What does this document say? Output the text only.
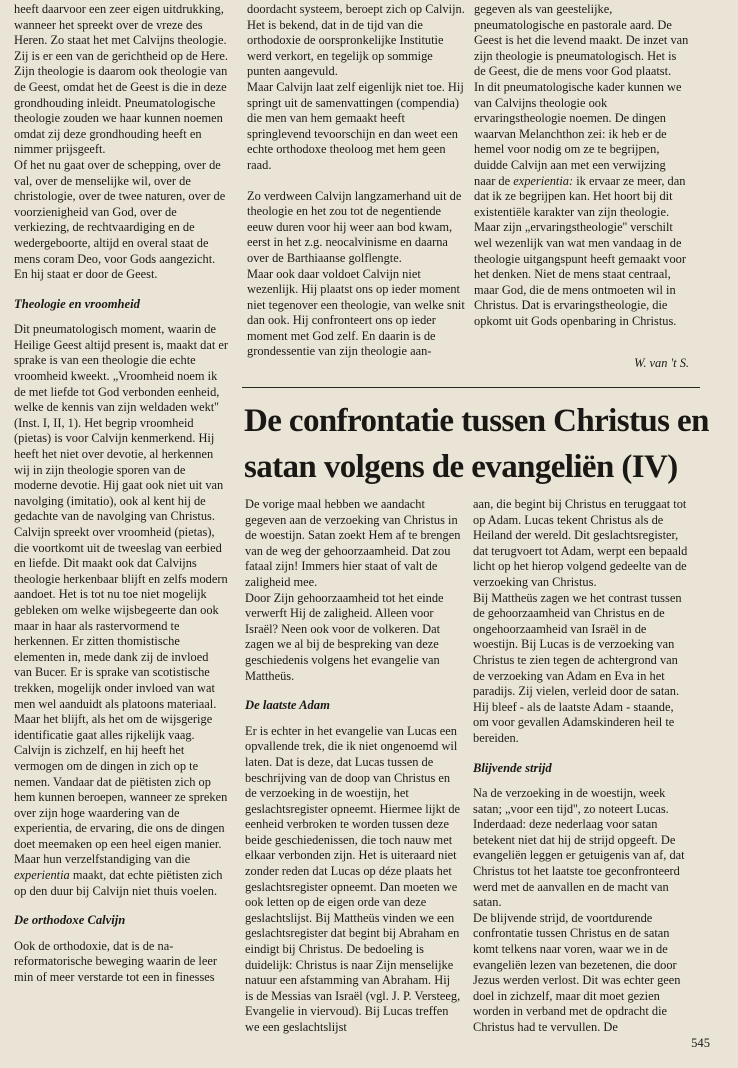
heeft daarvoor een zeer eigen uitdrukking, wanneer het spreekt over de vreze des Heren. Zo staat het met Calvijns theologie. Zij is er een van de gerichtheid op de Here. Zijn theologie is daarom ook theologie van de Geest, omdat het de Geest is die in deze grondhouding inleidt. Pneumatologische theologie zouden we haar kunnen noemen omdat zij deze grondhouding heeft en nimmer prijsgeeft.

Of het nu gaat over de schepping, over de val, over de menselijke wil, over de christologie, over de twee naturen, over de voorzienigheid van God, over de verkiezing, de rechtvaardiging en de wedergeboorte, altijd en overal staat de mens coram Deo, voor Gods aangezicht. En hij staat er door de Geest.

Theologie en vroomheid

Dit pneumatologisch moment, waarin de Heilige Geest altijd present is, maakt dat er sprake is van een theologie die echte vroomheid kweekt. „Vroomheid noem ik de met liefde tot God verbonden eenheid, welke de kennis van zijn weldaden wekt'' (Inst. I, II, 1). Het begrip vroomheid (pietas) is voor Calvijn kenmerkend. Hij heeft het niet over devotie, al herkennen wij in zijn theologie sporen van de moderne devotie. Hij gaat ook niet uit van navolging (imitatio), ook al kent hij de gedachte van de navolging van Christus. Calvijn spreekt over vroomheid (pietas), die voortkomt uit de tweeslag van eerbied en liefde. Dit maakt ook dat Calvijns theologie herkenbaar blijft en zelfs modern aandoet. Het is tot nu toe niet mogelijk gebleken om welke wijsbegeerte dan ook maar in haar als rastervormend te herkennen. Er zitten thomistische elementen in, mede dank zij de invloed van Bucer. Er is sprake van scotistische trekken, mogelijk onder invloed van wat men wel aanduidt als platoons materiaal. Maar het blijft, als het om de wijsgerige identificatie gaat alles rijkelijk vaag. Calvijn is zichzelf, en hij heeft het vermogen om de dingen in zich op te nemen. Vandaar dat de piëtisten zich op hem kunnen beroepen, wanneer ze spreken over zijn hoge waardering van de experientia, de ervaring, die ons de dingen doet meemaken op een heel eigen manier. Maar hun verzelfstandiging van die experientia maakt, dat echte piëtisten zich op den duur bij Calvijn niet thuis voelen.

De orthodoxe Calvijn

Ook de orthodoxie, dat is de na-reformatorische beweging waarin de leer min of meer verstarde tot een in finesses

doordacht systeem, beroept zich op Calvijn. Het is bekend, dat in de tijd van die orthodoxie de oorspronkelijke Institutie werd verkort, en tegelijk op sommige punten aangevuld.

Maar Calvijn laat zelf eigenlijk niet toe. Hij springt uit de samenvattingen (compendia) die men van hem gemaakt heeft springlevend tevoorschijn en dan weet een echte orthodoxe theoloog met hem geen raad.

Zo verdween Calvijn langzamerhand uit de theologie en het zou tot de negentiende eeuw duren voor hij weer aan bod kwam, eerst in het z.g. neocalvinisme en daarna over de Barthiaanse golflengte.

Maar ook daar voldoet Calvijn niet wezenlijk. Hij plaatst ons op ieder moment niet tegenover een theologie, van welke snit dan ook. Hij confronteert ons op ieder moment met God zelf. En daarin is de grondessentie van zijn theologie aan-

gegeven als van geestelijke, pneumatologische en pastorale aard. De Geest is het die levend maakt. De inzet van zijn theologie is pneumatologisch. Het is de Geest, die de mens voor God plaatst.

In dit pneumatologische kader kunnen we van Calvijns theologie ook ervaringstheologie noemen. De dingen waarvan Melanchthon zei: ik heb er de hemel voor nodig om ze te begrijpen, duidde Calvijn aan met een verwijzing naar de experientia: ik ervaar ze meer, dan dat ik ze begrijpen kan. Het hoort bij dit existentiële karakter van zijn theologie. Maar zijn „ervaringstheologie'' verschilt wel wezenlijk van wat men vandaag in de theologie uitgangspunt heeft gemaakt voor het denken. Niet de mens staat centraal, maar God, die de mens ontmoeten wil in Christus. Dat is ervaringstheologie, die opkomt uit Gods openbaring in Christus.

W. van 't S.
De confrontatie tussen Christus en
satan volgens de evangeliën (IV)

De vorige maal hebben we aandacht gegeven aan de verzoeking van Christus in de woestijn. Satan zoekt Hem af te brengen van de weg der gehoorzaamheid. Dat zou fataal zijn! Immers hier staat of valt de zaligheid mee.

Door Zijn gehoorzaamheid tot het einde verwerft Hij de zaligheid. Alleen voor Israël? Neen ook voor de volkeren. Dat zagen we al bij de bespreking van deze geschiedenis volgens het evangelie van Mattheüs.

De laatste Adam

Er is echter in het evangelie van Lucas een opvallende trek, die ik niet ongenoemd wil laten. Dat is deze, dat Lucas tussen de beschrijving van de doop van Christus en de verzoeking in de woestijn, het geslachtsregister opneemt. Hiermee lijkt de eenheid verbroken te worden tussen deze beide geschiedenissen, die toch nauw met elkaar verbonden zijn. Het is uiteraard niet zonder reden dat Lucas op déze plaats het geslachtsregister opneemt. Dan moeten we ook letten op de eigen orde van deze geslachtslijst. Bij Mattheüs vinden we een geslachtsregister dat begint bij Abraham en eindigt bij Christus. De bedoeling is duidelijk: Christus is naar Zijn menselijke natuur een afstamming van Abraham. Hij is de Messias van Israël (vgl. J. P. Versteeg, Evangelie in viervoud). Bij Lucas treffen we een geslachtslijst

aan, die begint bij Christus en teruggaat tot op Adam. Lucas tekent Christus als de Heiland der wereld. Dit geslachtsregister, dat terugvoert tot Adam, werpt een bepaald licht op het hierop volgend gedeelte van de verzoeking van Christus.

Bij Mattheüs zagen we het contrast tussen de gehoorzaamheid van Christus en de ongehoorzaamheid van Israël in de woestijn. Bij Lucas is de verzoeking van Christus te zien tegen de achtergrond van de verzoeking van Adam en Eva in het paradijs. Zij vielen, verleid door de satan. Hij bleef - als de laatste Adam - staande, om voor gevallen Adamskinderen heil te bereiden.

Blijvende strijd

Na de verzoeking in de woestijn, week satan; „voor een tijd'', zo noteert Lucas. Inderdaad: deze nederlaag voor satan betekent niet dat hij de strijd opgeeft. De evangeliën leggen er getuigenis van af, dat Christus tot het laatste toe geconfronteerd werd met de aanvallen en de macht van satan.

De blijvende strijd, de voortdurende confrontatie tussen Christus en de satan komt telkens naar voren, waar we in de evangeliën lezen van bezetenen, die door Jezus werden verlost. Dit was echter geen doel in zichzelf, maar dit moet gezien worden in verband met de opdracht die Christus had te vervullen. De

545
